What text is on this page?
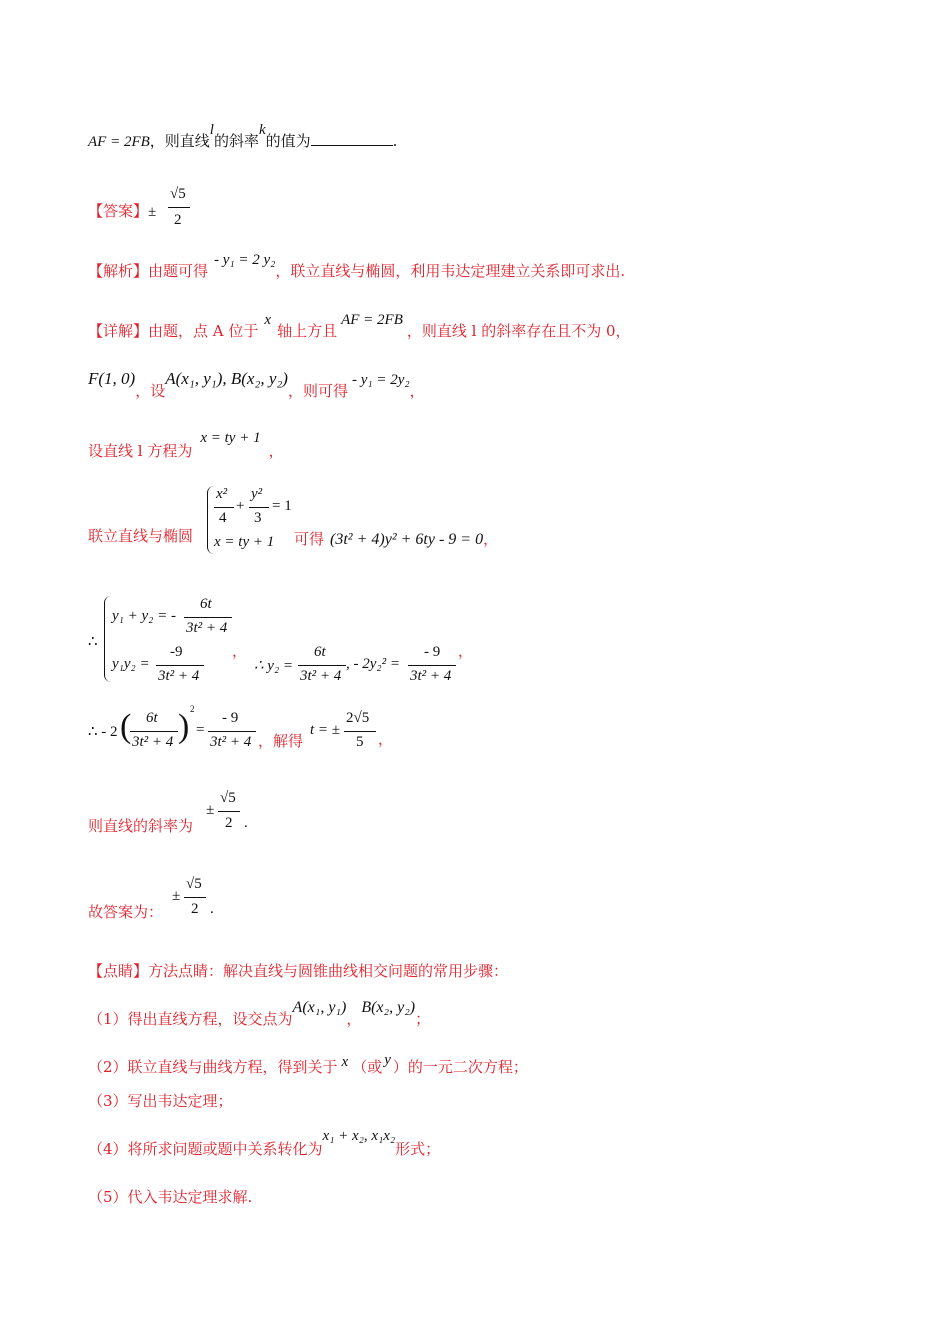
AF = 2FB，则直线l的斜率k的值为	.
【答案】±
√5
2
【解析】由题可得- y₁ = 2 y₂，联立直线与椭圆，利用韦达定理建立关系即可求出.
【详解】由题，点 A 位于x轴上方且AF = 2FB，则直线 l 的斜率存在且不为 0，
F(1, 0)，设A(x₁, y₁), B(x₂, y₂)，则可得- y₁ = 2y₂，
设直线 l 方程为x = ty + 1，
联立直线与椭圆
x²
4
+
y²
3
= 1
x = ty + 1 可得 (3t² + 4)y² + 6ty - 9 = 0，
∴
y₁ + y₂ = -
6t
3t² + 4
y₁y₂ =
-9
3t² + 4
，
∴ y₂ =
6t
3t² + 4
, - 2y₂² =
- 9
3t² + 4
，
∴ - 2 ( 6t
3t² + 4 ) 2
=
- 9
3t² + 4 ，解得
t = ±
2√5
5 ，
则直线的斜率为
±
√5
2 .
故答案为：
±
√5
2 .
【点睛】方法点睛：解决直线与圆锥曲线相交问题的常用步骤：
（1）得出直线方程，设交点为A(x₁, y₁)，B(x₂, y₂)；
（2）联立直线与曲线方程，得到关于 x （或 y ）的一元二次方程；
（3）写出韦达定理；
（4）将所求问题或题中关系转化为x₁ + x₂, x₁x₂形式；
（5）代入韦达定理求解.
